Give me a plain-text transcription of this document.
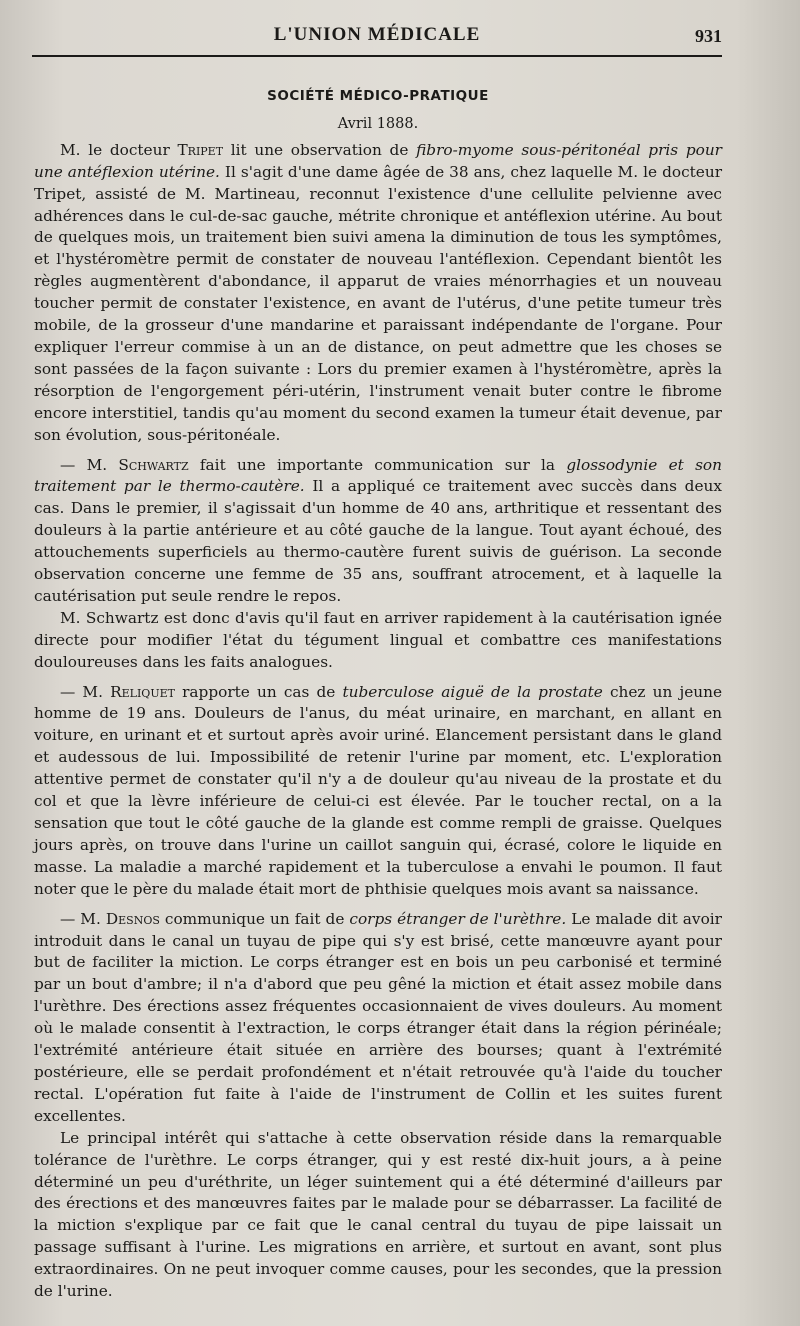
L'UNION MÉDICALE	931

SOCIÉTÉ MÉDICO-PRATIQUE

Avril 1888.

M. le docteur Tripet lit une observation de fibro-myome sous-péritonéal pris pour une antéflexion utérine. Il s'agit d'une dame âgée de 38 ans, chez laquelle M. le docteur Tripet, assisté de M. Martineau, reconnut l'existence d'une cellulite pelvienne avec adhérences dans le cul-de-sac gauche, métrite chronique et antéflexion utérine. Au bout de quelques mois, un traitement bien suivi amena la diminution de tous les symptômes, et l'hystéromètre permit de constater de nouveau l'antéflexion. Cependant bientôt les règles augmentèrent d'abondance, il apparut de vraies ménorrhagies et un nouveau toucher permit de constater l'existence, en avant de l'utérus, d'une petite tumeur très mobile, de la grosseur d'une mandarine et paraissant indépendante de l'organe. Pour expliquer l'erreur commise à un an de distance, on peut admettre que les choses se sont passées de la façon suivante : Lors du premier examen à l'hystéromètre, après la résorption de l'engorgement péri-utérin, l'instrument venait buter contre le fibrome encore interstitiel, tandis qu'au moment du second examen la tumeur était devenue, par son évolution, sous-péritonéale.

— M. Schwartz fait une importante communication sur la glossodynie et son traitement par le thermo-cautère. Il a appliqué ce traitement avec succès dans deux cas. Dans le premier, il s'agissait d'un homme de 40 ans, arthritique et ressentant des douleurs à la partie antérieure et au côté gauche de la langue. Tout ayant échoué, des attouchements superficiels au thermo-cautère furent suivis de guérison. La seconde observation concerne une femme de 35 ans, souffrant atrocement, et à laquelle la cautérisation put seule rendre le repos.

M. Schwartz est donc d'avis qu'il faut en arriver rapidement à la cautérisation ignée directe pour modifier l'état du tégument lingual et combattre ces manifestations douloureuses dans les faits analogues.

— M. Reliquet rapporte un cas de tuberculose aiguë de la prostate chez un jeune homme de 19 ans. Douleurs de l'anus, du méat urinaire, en marchant, en allant en voiture, en urinant et et surtout après avoir uriné. Elancement persistant dans le gland et audessous de lui. Impossibilité de retenir l'urine par moment, etc. L'exploration attentive permet de constater qu'il n'y a de douleur qu'au niveau de la prostate et du col et que la lèvre inférieure de celui-ci est élevée. Par le toucher rectal, on a la sensation que tout le côté gauche de la glande est comme rempli de graisse. Quelques jours après, on trouve dans l'urine un caillot sanguin qui, écrasé, colore le liquide en masse. La maladie a marché rapidement et la tuberculose a envahi le poumon. Il faut noter que le père du malade était mort de phthisie quelques mois avant sa naissance.

— M. Desnos communique un fait de corps étranger de l'urèthre. Le malade dit avoir introduit dans le canal un tuyau de pipe qui s'y est brisé, cette manœuvre ayant pour but de faciliter la miction. Le corps étranger est en bois un peu carbonisé et terminé par un bout d'ambre; il n'a d'abord que peu gêné la miction et était assez mobile dans l'urèthre. Des érections assez fréquentes occasionnaient de vives douleurs. Au moment où le malade consentit à l'extraction, le corps étranger était dans la région périnéale; l'extrémité antérieure était située en arrière des bourses; quant à l'extrémité postérieure, elle se perdait profondément et n'était retrouvée qu'à l'aide du toucher rectal. L'opération fut faite à l'aide de l'instrument de Collin et les suites furent excellentes.

Le principal intérêt qui s'attache à cette observation réside dans la remarquable tolérance de l'urèthre. Le corps étranger, qui y est resté dix-huit jours, a à peine déterminé un peu d'uréthrite, un léger suintement qui a été déterminé d'ailleurs par des érections et des manœuvres faites par le malade pour se débarrasser. La facilité de la miction s'explique par ce fait que le canal central du tuyau de pipe laissait un passage suffisant à l'urine. Les migrations en arrière, et surtout en avant, sont plus extraordinaires. On ne peut invoquer comme causes, pour les secondes, que la pression de l'urine.
